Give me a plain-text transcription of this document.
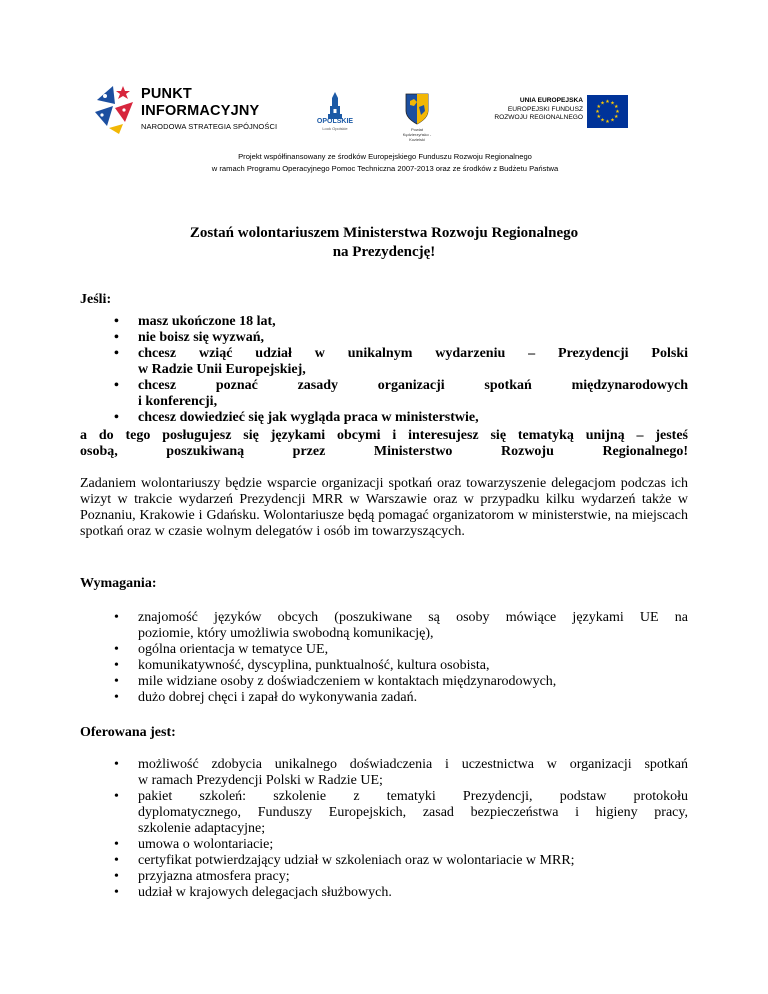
PUNKT
INFORMACYJNY
NARODOWA STRATEGIA SPÓJNOŚCI
OPOLSKIE
Look Opolskie	Powiat
Kędzierzyńsko - Kozielski
UNIA EUROPEJSKA
EUROPEJSKI FUNDUSZ
ROZWOJU REGIONALNEGO
★ ★
★
★
★
★
★
★
★
★
★
★
Projekt współfinansowany ze środków Europejskiego Funduszu Rozwoju Regionalnego
w ramach Programu Operacyjnego Pomoc Techniczna 2007-2013 oraz ze środków z Budżetu Państwa
Zostań wolontariuszem Ministerstwa Rozwoju Regionalnego
na Prezydencję!
Jeśli:
• masz ukończone 18 lat,
• nie boisz się wyzwań,
• chcesz wziąć udział w unikalnym wydarzeniu – Prezydencji Polski
w Radzie Unii Europejskiej,
• chcesz poznać zasady organizacji spotkań międzynarodowych
i konferencji,
• chcesz dowiedzieć się jak wygląda praca w ministerstwie,
a do tego posługujesz się językami obcymi i interesujesz się tematyką unijną – jesteś
osobą, poszukiwaną przez Ministerstwo Rozwoju Regionalnego!
Zadaniem wolontariuszy będzie wsparcie organizacji spotkań oraz towarzyszenie delegacjom podczas ich wizyt w trakcie wydarzeń Prezydencji MRR w Warszawie oraz w przypadku kilku wydarzeń także w Poznaniu, Krakowie i Gdańsku. Wolontariusze będą pomagać organizatorom w ministerstwie, na miejscach spotkań oraz w czasie wolnym delegatów i osób im towarzyszących.
Wymagania:
• znajomość języków obcych (poszukiwane są osoby mówiące językami UE na
poziomie, który umożliwia swobodną komunikację),
• ogólna orientacja w tematyce UE,
• komunikatywność, dyscyplina, punktualność, kultura osobista,
• mile widziane osoby z doświadczeniem w kontaktach międzynarodowych,
• dużo dobrej chęci i zapał do wykonywania zadań.
Oferowana jest:
• możliwość zdobycia unikalnego doświadczenia i uczestnictwa w organizacji spotkań
w ramach Prezydencji Polski w Radzie UE;
• pakiet szkoleń: szkolenie z tematyki Prezydencji, podstaw protokołu
dyplomatycznego, Funduszy Europejskich, zasad bezpieczeństwa i higieny pracy,
szkolenie adaptacyjne;
• umowa o wolontariacie;
• certyfikat potwierdzający udział w szkoleniach oraz w wolontariacie w MRR;
• przyjazna atmosfera pracy;
• udział w krajowych delegacjach służbowych.
